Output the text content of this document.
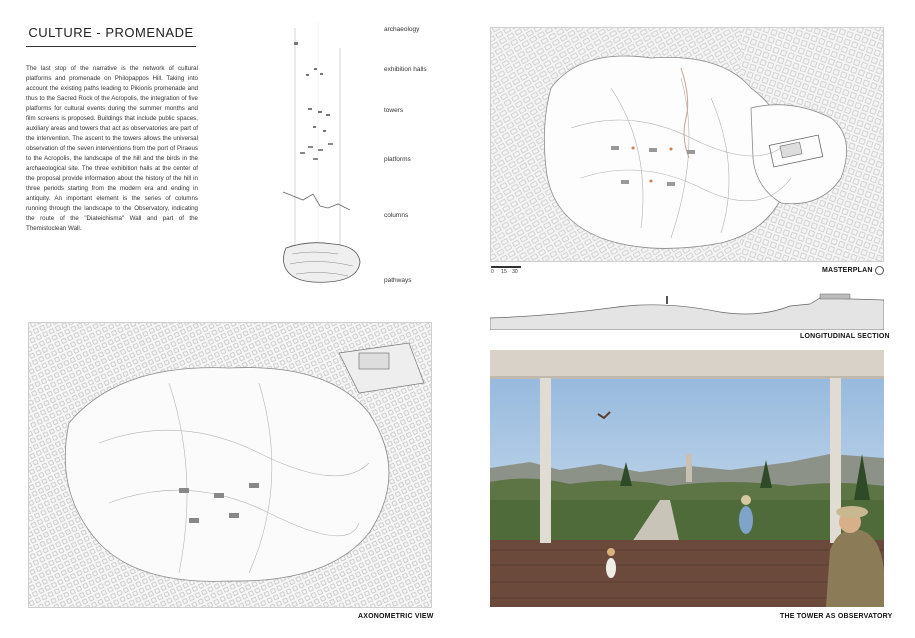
CULTURE - PROMENADE
The last stop of the narrative is the network of cultural platforms and promenade on Philopappos Hill. Taking into account the existing paths leading to Pikionis promenade and thus to the Sacred Rock of the Acropolis, the integration of five platforms for cultural events during the summer months and film screens is proposed. Buildings that include public spaces, auxiliary areas and towers that act as observatories are part of the intervention. The ascent to the towers allows the universal observation of the seven interventions from the port of Piraeus to the Acropolis, the landscape of the hill and the birds in the archaeological site. The three exhibition halls at the center of the proposal provide information about the history of the hill in three periods starting from the modern era and ending in antiquity. An important element is the series of columns running through the landscape to the Observatory, indicating the route of the "Diateichisma" Wall and part of the Themistoclean Wall.
archaeology
exhibition halls
towers
platforms
columns
pathways
0 15 30	MASTERPLAN
LONGITUDINAL SECTION
AXONOMETRIC VIEW	THE TOWER AS OBSERVATORY
